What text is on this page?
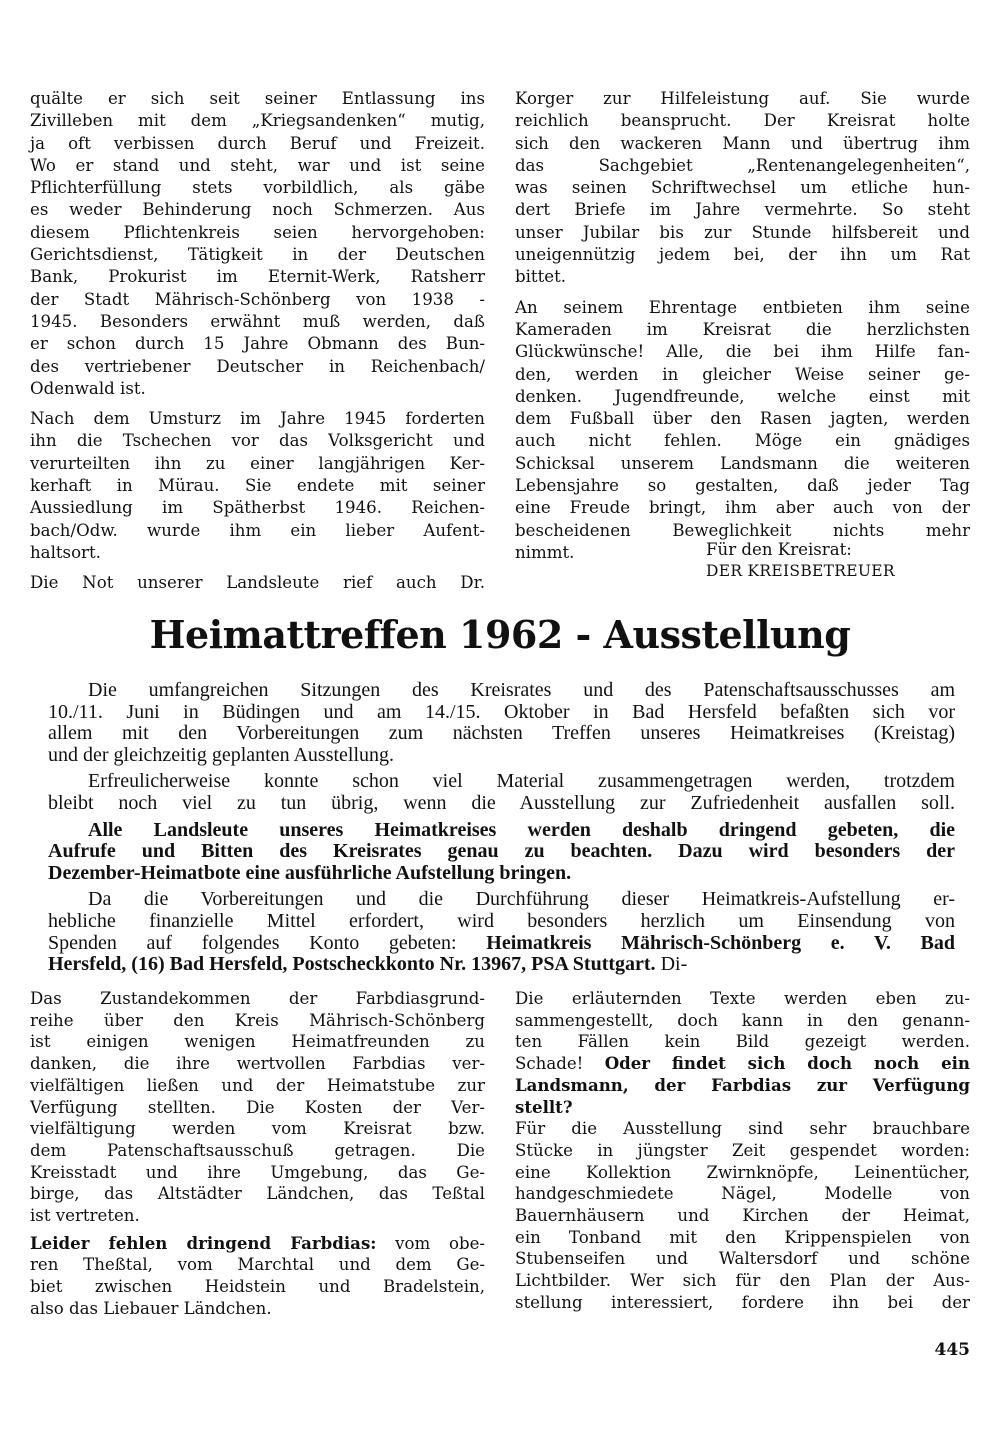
quälte er sich seit seiner Entlassung ins
Zivilleben mit dem „Kriegsandenken“ mutig,
ja oft verbissen durch Beruf und Freizeit.
Wo er stand und steht, war und ist seine
Pflichterfüllung stets vorbildlich, als gäbe
es weder Behinderung noch Schmerzen. Aus
diesem Pflichtenkreis seien hervorgehoben:
Gerichtsdienst, Tätigkeit in der Deutschen
Bank, Prokurist im Eternit-Werk, Ratsherr
der Stadt Mährisch-Schönberg von 1938 -
1945. Besonders erwähnt muß werden, daß
er schon durch 15 Jahre Obmann des Bun-
des vertriebener Deutscher in Reichenbach/
Odenwald ist.
Nach dem Umsturz im Jahre 1945 forderten
ihn die Tschechen vor das Volksgericht und
verurteilten ihn zu einer langjährigen Ker-
kerhaft in Mürau. Sie endete mit seiner
Aussiedlung im Spätherbst 1946. Reichen-
bach/Odw. wurde ihm ein lieber Aufent-
haltsort.
Die Not unserer Landsleute rief auch Dr.
Korger zur Hilfeleistung auf. Sie wurde
reichlich beansprucht. Der Kreisrat holte
sich den wackeren Mann und übertrug ihm
das Sachgebiet „Rentenangelegenheiten“,
was seinen Schriftwechsel um etliche hun-
dert Briefe im Jahre vermehrte. So steht
unser Jubilar bis zur Stunde hilfsbereit und
uneigennützig jedem bei, der ihn um Rat
bittet.
An seinem Ehrentage entbieten ihm seine
Kameraden im Kreisrat die herzlichsten
Glückwünsche! Alle, die bei ihm Hilfe fan-
den, werden in gleicher Weise seiner ge-
denken. Jugendfreunde, welche einst mit
dem Fußball über den Rasen jagten, werden
auch nicht fehlen. Möge ein gnädiges
Schicksal unserem Landsmann die weiteren
Lebensjahre so gestalten, daß jeder Tag
eine Freude bringt, ihm aber auch von der
bescheidenen Beweglichkeit nichts mehr
nimmt.	Für den Kreisrat:
DER KREISBETREUER
Heimattreffen 1962 - Ausstellung
Die umfangreichen Sitzungen des Kreisrates und des Patenschaftsausschusses am
10./11. Juni in Büdingen und am 14./15. Oktober in Bad Hersfeld befaßten sich vor
allem mit den Vorbereitungen zum nächsten Treffen unseres Heimatkreises (Kreistag)
und der gleichzeitig geplanten Ausstellung.
Erfreulicherweise konnte schon viel Material zusammengetragen werden, trotzdem
bleibt noch viel zu tun übrig, wenn die Ausstellung zur Zufriedenheit ausfallen soll.
Alle Landsleute unseres Heimatkreises werden deshalb dringend gebeten, die
Aufrufe und Bitten des Kreisrates genau zu beachten. Dazu wird besonders der
Dezember-Heimatbote eine ausführliche Aufstellung bringen.
Da die Vorbereitungen und die Durchführung dieser Heimatkreis-Aufstellung er-
hebliche finanzielle Mittel erfordert, wird besonders herzlich um Einsendung von
Spenden auf folgendes Konto gebeten: Heimatkreis Mährisch-Schönberg e. V. Bad
Hersfeld, (16) Bad Hersfeld, Postscheckkonto Nr. 13967, PSA Stuttgart. Di-
Das Zustandekommen der Farbdiasgrund-
reihe über den Kreis Mährisch-Schönberg
ist einigen wenigen Heimatfreunden zu
danken, die ihre wertvollen Farbdias ver-
vielfältigen ließen und der Heimatstube zur
Verfügung stellten. Die Kosten der Ver-
vielfältigung werden vom Kreisrat bzw.
dem Patenschaftsausschuß getragen. Die
Kreisstadt und ihre Umgebung, das Ge-
birge, das Altstädter Ländchen, das Teßtal
ist vertreten.
Leider fehlen dringend Farbdias: vom obe-
ren Theßtal, vom Marchtal und dem Ge-
biet zwischen Heidstein und Bradelstein,
also das Liebauer Ländchen.
Die erläuternden Texte werden eben zu-
sammengestellt, doch kann in den genann-
ten Fällen kein Bild gezeigt werden.
Schade! Oder findet sich doch noch ein
Landsmann, der Farbdias zur Verfügung
stellt?
Für die Ausstellung sind sehr brauchbare
Stücke in jüngster Zeit gespendet worden:
eine Kollektion Zwirnknöpfe, Leinentücher,
handgeschmiedete Nägel, Modelle von
Bauernhäusern und Kirchen der Heimat,
ein Tonband mit den Krippenspielen von
Stubenseifen und Waltersdorf und schöne
Lichtbilder. Wer sich für den Plan der Aus-
stellung interessiert, fordere ihn bei der
445
